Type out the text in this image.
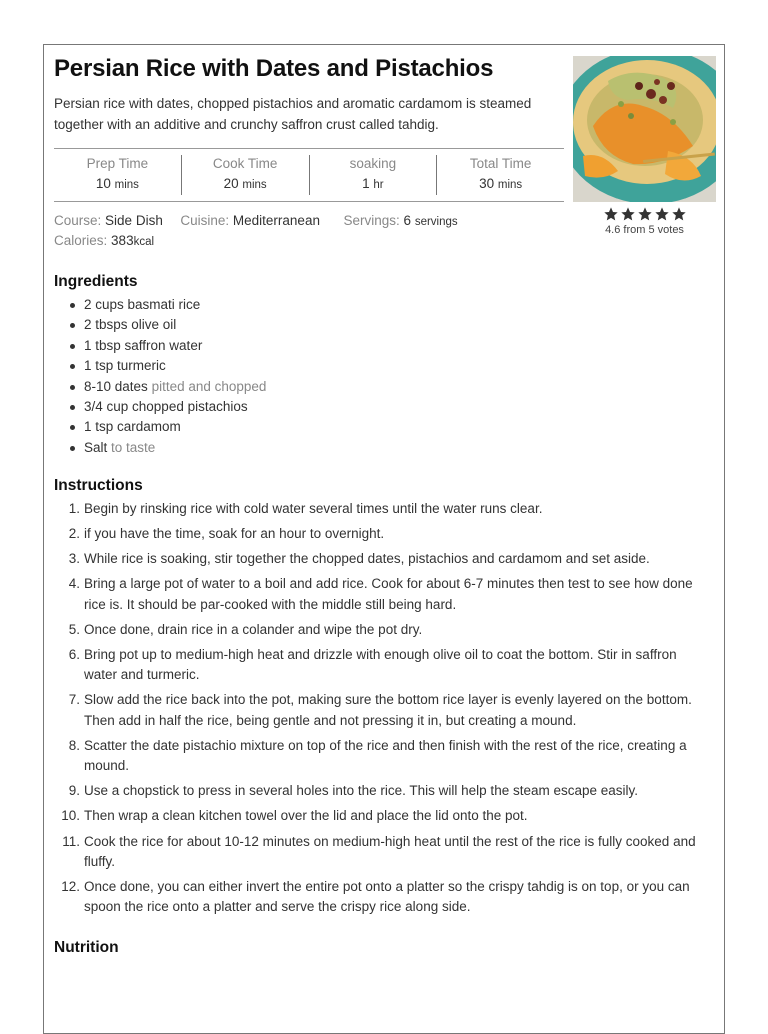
Persian Rice with Dates and Pistachios

Persian rice with dates, chopped pistachios and aromatic cardamom is steamed together with an additive and crunchy saffron crust called tahdig.

Prep Time
10 mins
Cook Time
20 mins
soaking
1 hr
Total Time
30 mins
Course: Side Dish Cuisine: Mediterranean Servings: 6 servings
Calories: 383kcal
4.6 from 5 votes
Ingredients
2 cups basmati rice
2 tbsps olive oil
1 tbsp saffron water
1 tsp turmeric
8-10 dates pitted and chopped
3/4 cup chopped pistachios
1 tsp cardamom
Salt to taste
Instructions
1. Begin by rinsking rice with cold water several times until the water runs clear.
2. if you have the time, soak for an hour to overnight.
3. While rice is soaking, stir together the chopped dates, pistachios and cardamom and set aside.
4. Bring a large pot of water to a boil and add rice. Cook for about 6-7 minutes then test to see how done rice is. It should be par-cooked with the middle still being hard.
5. Once done, drain rice in a colander and wipe the pot dry.
6. Bring pot up to medium-high heat and drizzle with enough olive oil to coat the bottom. Stir in saffron water and turmeric.
7. Slow add the rice back into the pot, making sure the bottom rice layer is evenly layered on the bottom. Then add in half the rice, being gentle and not pressing it in, but creating a mound.
8. Scatter the date pistachio mixture on top of the rice and then finish with the rest of the rice, creating a mound.
9. Use a chopstick to press in several holes into the rice. This will help the steam escape easily.
10. Then wrap a clean kitchen towel over the lid and place the lid onto the pot.
11. Cook the rice for about 10-12 minutes on medium-high heat until the rest of the rice is fully cooked and fluffy.
12. Once done, you can either invert the entire pot onto a platter so the crispy tahdig is on top, or you can spoon the rice onto a platter and serve the crispy rice along side.
Nutrition
